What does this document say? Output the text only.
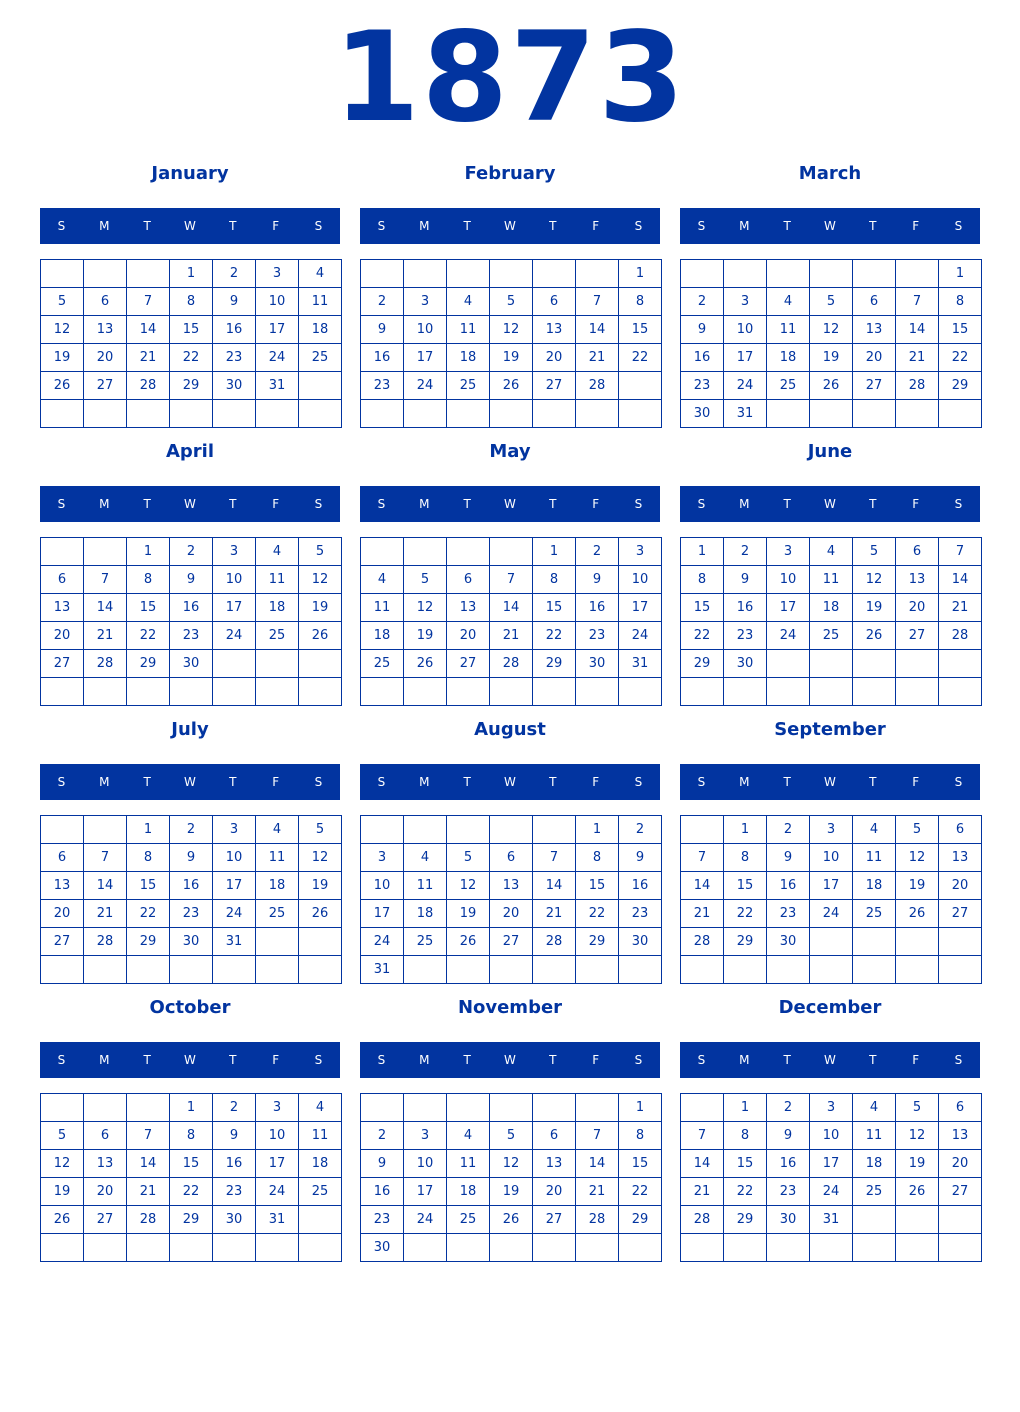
1873
January
S	M	T	W	T	F	S
			1	2	3	4
5	6	7	8	9	10	11
12	13	14	15	16	17	18
19	20	21	22	23	24	25
26	27	28	29	30	31	

February
S	M	T	W	T	F	S
						1
2	3	4	5	6	7	8
9	10	11	12	13	14	15
16	17	18	19	20	21	22
23	24	25	26	27	28	

March
S	M	T	W	T	F	S
						1
2	3	4	5	6	7	8
9	10	11	12	13	14	15
16	17	18	19	20	21	22
23	24	25	26	27	28	29
30	31					
April
S	M	T	W	T	F	S
		1	2	3	4	5
6	7	8	9	10	11	12
13	14	15	16	17	18	19
20	21	22	23	24	25	26
27	28	29	30			

May
S	M	T	W	T	F	S
				1	2	3
4	5	6	7	8	9	10
11	12	13	14	15	16	17
18	19	20	21	22	23	24
25	26	27	28	29	30	31

June
S	M	T	W	T	F	S
1	2	3	4	5	6	7
8	9	10	11	12	13	14
15	16	17	18	19	20	21
22	23	24	25	26	27	28
29	30					

July
S	M	T	W	T	F	S
		1	2	3	4	5
6	7	8	9	10	11	12
13	14	15	16	17	18	19
20	21	22	23	24	25	26
27	28	29	30	31		

August
S	M	T	W	T	F	S
					1	2
3	4	5	6	7	8	9
10	11	12	13	14	15	16
17	18	19	20	21	22	23
24	25	26	27	28	29	30
31						
September
S	M	T	W	T	F	S
	1	2	3	4	5	6
7	8	9	10	11	12	13
14	15	16	17	18	19	20
21	22	23	24	25	26	27
28	29	30				

October
S	M	T	W	T	F	S
			1	2	3	4
5	6	7	8	9	10	11
12	13	14	15	16	17	18
19	20	21	22	23	24	25
26	27	28	29	30	31	

November
S	M	T	W	T	F	S
						1
2	3	4	5	6	7	8
9	10	11	12	13	14	15
16	17	18	19	20	21	22
23	24	25	26	27	28	29
30						
December
S	M	T	W	T	F	S
	1	2	3	4	5	6
7	8	9	10	11	12	13
14	15	16	17	18	19	20
21	22	23	24	25	26	27
28	29	30	31			
